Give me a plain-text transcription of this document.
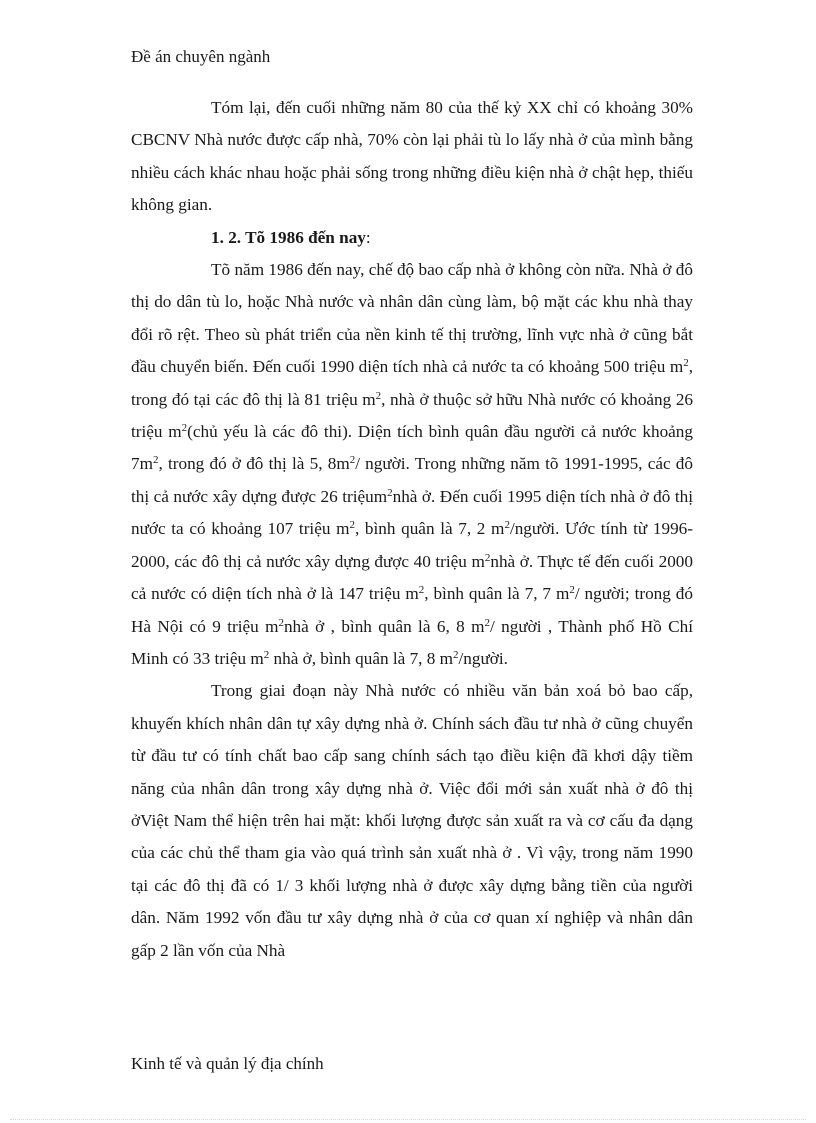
Đề án chuyên ngành

Tóm lại, đến cuối những năm 80 của thế kỷ XX chỉ có khoảng 30% CBCNV Nhà nước được cấp nhà, 70% còn lại phải tù lo lấy nhà ở của mình bằng nhiều cách khác nhau hoặc phải sống trong những điều kiện nhà ở chật hẹp, thiếu không gian.

1. 2. Tõ 1986 đến nay:

Tõ năm 1986 đến nay, chế độ bao cấp nhà ở không còn nữa. Nhà ở đô thị do dân tù lo, hoặc Nhà nước và nhân dân cùng làm, bộ mặt các khu nhà thay đổi rõ rệt. Theo sù phát triển của nền kinh tế thị trường, lĩnh vực nhà ở cũng bắt đầu chuyển biến. Đến cuối 1990 diện tích nhà cả nước ta có khoảng 500 triệu $m^2$, trong đó tại các đô thị là 81 triệu $m^2$, nhà ở thuộc sở hữu Nhà nước có khoảng 26 triệu $m^2(chủ$ yếu là các đô thi). Diện tích bình quân đầu người cả nước khoảng $7m^2$, trong đó ở đô thị là 5, $8m^2/$ người. Trong những năm tõ 1991-1995, các đô thị cả nước xây dựng được 26 triệum$^2$nhà ở. Đến cuối 1995 diện tích nhà ở đô thị nước ta có khoảng 107 triệu $m^2$, bình quân là 7, 2 $m^2$/người. Ước tính từ 1996-2000, các đô thị cả nước xây dựng được 40 triệu $m^2nhà$ ở. Thực tế đến cuối 2000 cả nước có diện tích nhà ở là 147 triệu $m^2$, bình quân là 7, 7 $m^2/$ người; trong đó Hà Nội có 9 triệu $m^2nhà$ ở , bình quân là 6, 8 $m^2/$ người , Thành phố Hồ Chí Minh có 33 triệu $m^2$ nhà ở, bình quân là 7, 8 $m^2$/người.

Trong giai đoạn này Nhà nước có nhiều văn bản xoá bỏ bao cấp, khuyến khích nhân dân tự xây dựng nhà ở. Chính sách đầu tư nhà ở cũng chuyển từ đầu tư có tính chất bao cấp sang chính sách tạo điều kiện đã khơi dậy tiềm năng của nhân dân trong xây dựng nhà ở. Việc đổi mới sản xuất nhà ở đô thị ởViệt Nam thể hiện trên hai mặt: khối lượng được sản xuất ra và cơ cấu đa dạng của các chủ thể tham gia vào quá trình sản xuất nhà ở . Vì vậy, trong năm 1990 tại các đô thị đã có 1/ 3 khối lượng nhà ở được xây dựng bằng tiền của người dân. Năm 1992 vốn đầu tư xây dựng nhà ở của cơ quan xí nghiệp và nhân dân gấp 2 lần vốn của Nhà

Kinh tế và quản lý địa chính
